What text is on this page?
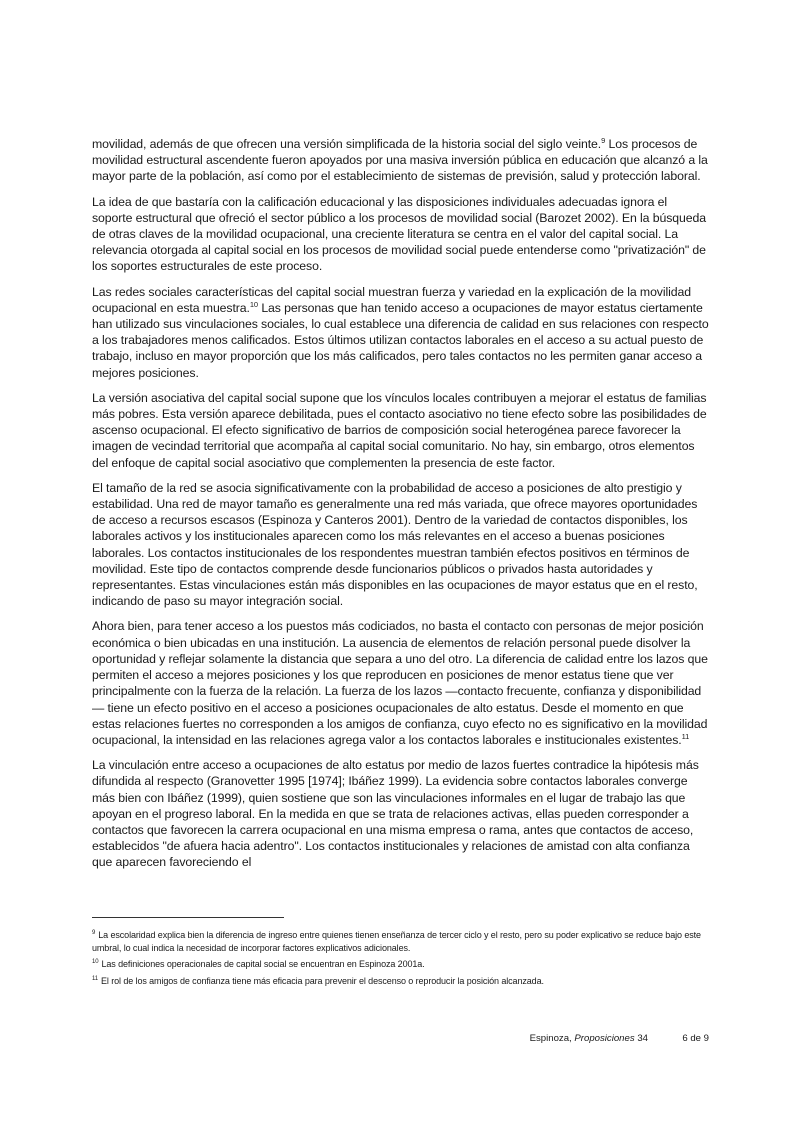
movilidad, además de que ofrecen una versión simplificada de la historia social del siglo veinte.$^9$ Los procesos de movilidad estructural ascendente fueron apoyados por una masiva inversión pública en educación que alcanzó a la mayor parte de la población, así como por el establecimiento de sistemas de previsión, salud y protección laboral.

La idea de que bastaría con la calificación educacional y las disposiciones individuales adecuadas ignora el soporte estructural que ofreció el sector público a los procesos de movilidad social (Barozet 2002). En la búsqueda de otras claves de la movilidad ocupacional, una creciente literatura se centra en el valor del capital social. La relevancia otorgada al capital social en los procesos de movilidad social puede entenderse como "privatización" de los soportes estructurales de este proceso.

Las redes sociales características del capital social muestran fuerza y variedad en la explicación de la movilidad ocupacional en esta muestra.$^{10}$ Las personas que han tenido acceso a ocupaciones de mayor estatus ciertamente han utilizado sus vinculaciones sociales, lo cual establece una diferencia de calidad en sus relaciones con respecto a los trabajadores menos calificados. Estos últimos utilizan contactos laborales en el acceso a su actual puesto de trabajo, incluso en mayor proporción que los más calificados, pero tales contactos no les permiten ganar acceso a mejores posiciones.

La versión asociativa del capital social supone que los vínculos locales contribuyen a mejorar el estatus de familias más pobres. Esta versión aparece debilitada, pues el contacto asociativo no tiene efecto sobre las posibilidades de ascenso ocupacional. El efecto significativo de barrios de composición social heterogénea parece favorecer la imagen de vecindad territorial que acompaña al capital social comunitario. No hay, sin embargo, otros elementos del enfoque de capital social asociativo que complementen la presencia de este factor.

El tamaño de la red se asocia significativamente con la probabilidad de acceso a posiciones de alto prestigio y estabilidad. Una red de mayor tamaño es generalmente una red más variada, que ofrece mayores oportunidades de acceso a recursos escasos (Espinoza y Canteros 2001). Dentro de la variedad de contactos disponibles, los laborales activos y los institucionales aparecen como los más relevantes en el acceso a buenas posiciones laborales. Los contactos institucionales de los respondentes muestran también efectos positivos en términos de movilidad. Este tipo de contactos comprende desde funcionarios públicos o privados hasta autoridades y representantes. Estas vinculaciones están más disponibles en las ocupaciones de mayor estatus que en el resto, indicando de paso su mayor integración social.

Ahora bien, para tener acceso a los puestos más codiciados, no basta el contacto con personas de mejor posición económica o bien ubicadas en una institución. La ausencia de elementos de relación personal puede disolver la oportunidad y reflejar solamente la distancia que separa a uno del otro. La diferencia de calidad entre los lazos que permiten el acceso a mejores posiciones y los que reproducen en posiciones de menor estatus tiene que ver principalmente con la fuerza de la relación. La fuerza de los lazos —contacto frecuente, confianza y disponibilidad— tiene un efecto positivo en el acceso a posiciones ocupacionales de alto estatus. Desde el momento en que estas relaciones fuertes no corresponden a los amigos de confianza, cuyo efecto no es significativo en la movilidad ocupacional, la intensidad en las relaciones agrega valor a los contactos laborales e institucionales existentes.$^{11}$

La vinculación entre acceso a ocupaciones de alto estatus por medio de lazos fuertes contradice la hipótesis más difundida al respecto (Granovetter 1995 [1974]; Ibáñez 1999). La evidencia sobre contactos laborales converge más bien con Ibáñez (1999), quien sostiene que son las vinculaciones informales en el lugar de trabajo las que apoyan en el progreso laboral. En la medida en que se trata de relaciones activas, ellas pueden corresponder a contactos que favorecen la carrera ocupacional en una misma empresa o rama, antes que contactos de acceso, establecidos "de afuera hacia adentro". Los contactos institucionales y relaciones de amistad con alta confianza que aparecen favoreciendo el

$^9$ La escolaridad explica bien la diferencia de ingreso entre quienes tienen enseñanza de tercer ciclo y el resto, pero su poder explicativo se reduce bajo este umbral, lo cual indica la necesidad de incorporar factores explicativos adicionales.

$^{10}$ Las definiciones operacionales de capital social se encuentran en Espinoza 2001a.

$^{11}$ El rol de los amigos de confianza tiene más eficacia para prevenir el descenso o reproducir la posición alcanzada.

Espinoza, Proposiciones 34	6 de 9
